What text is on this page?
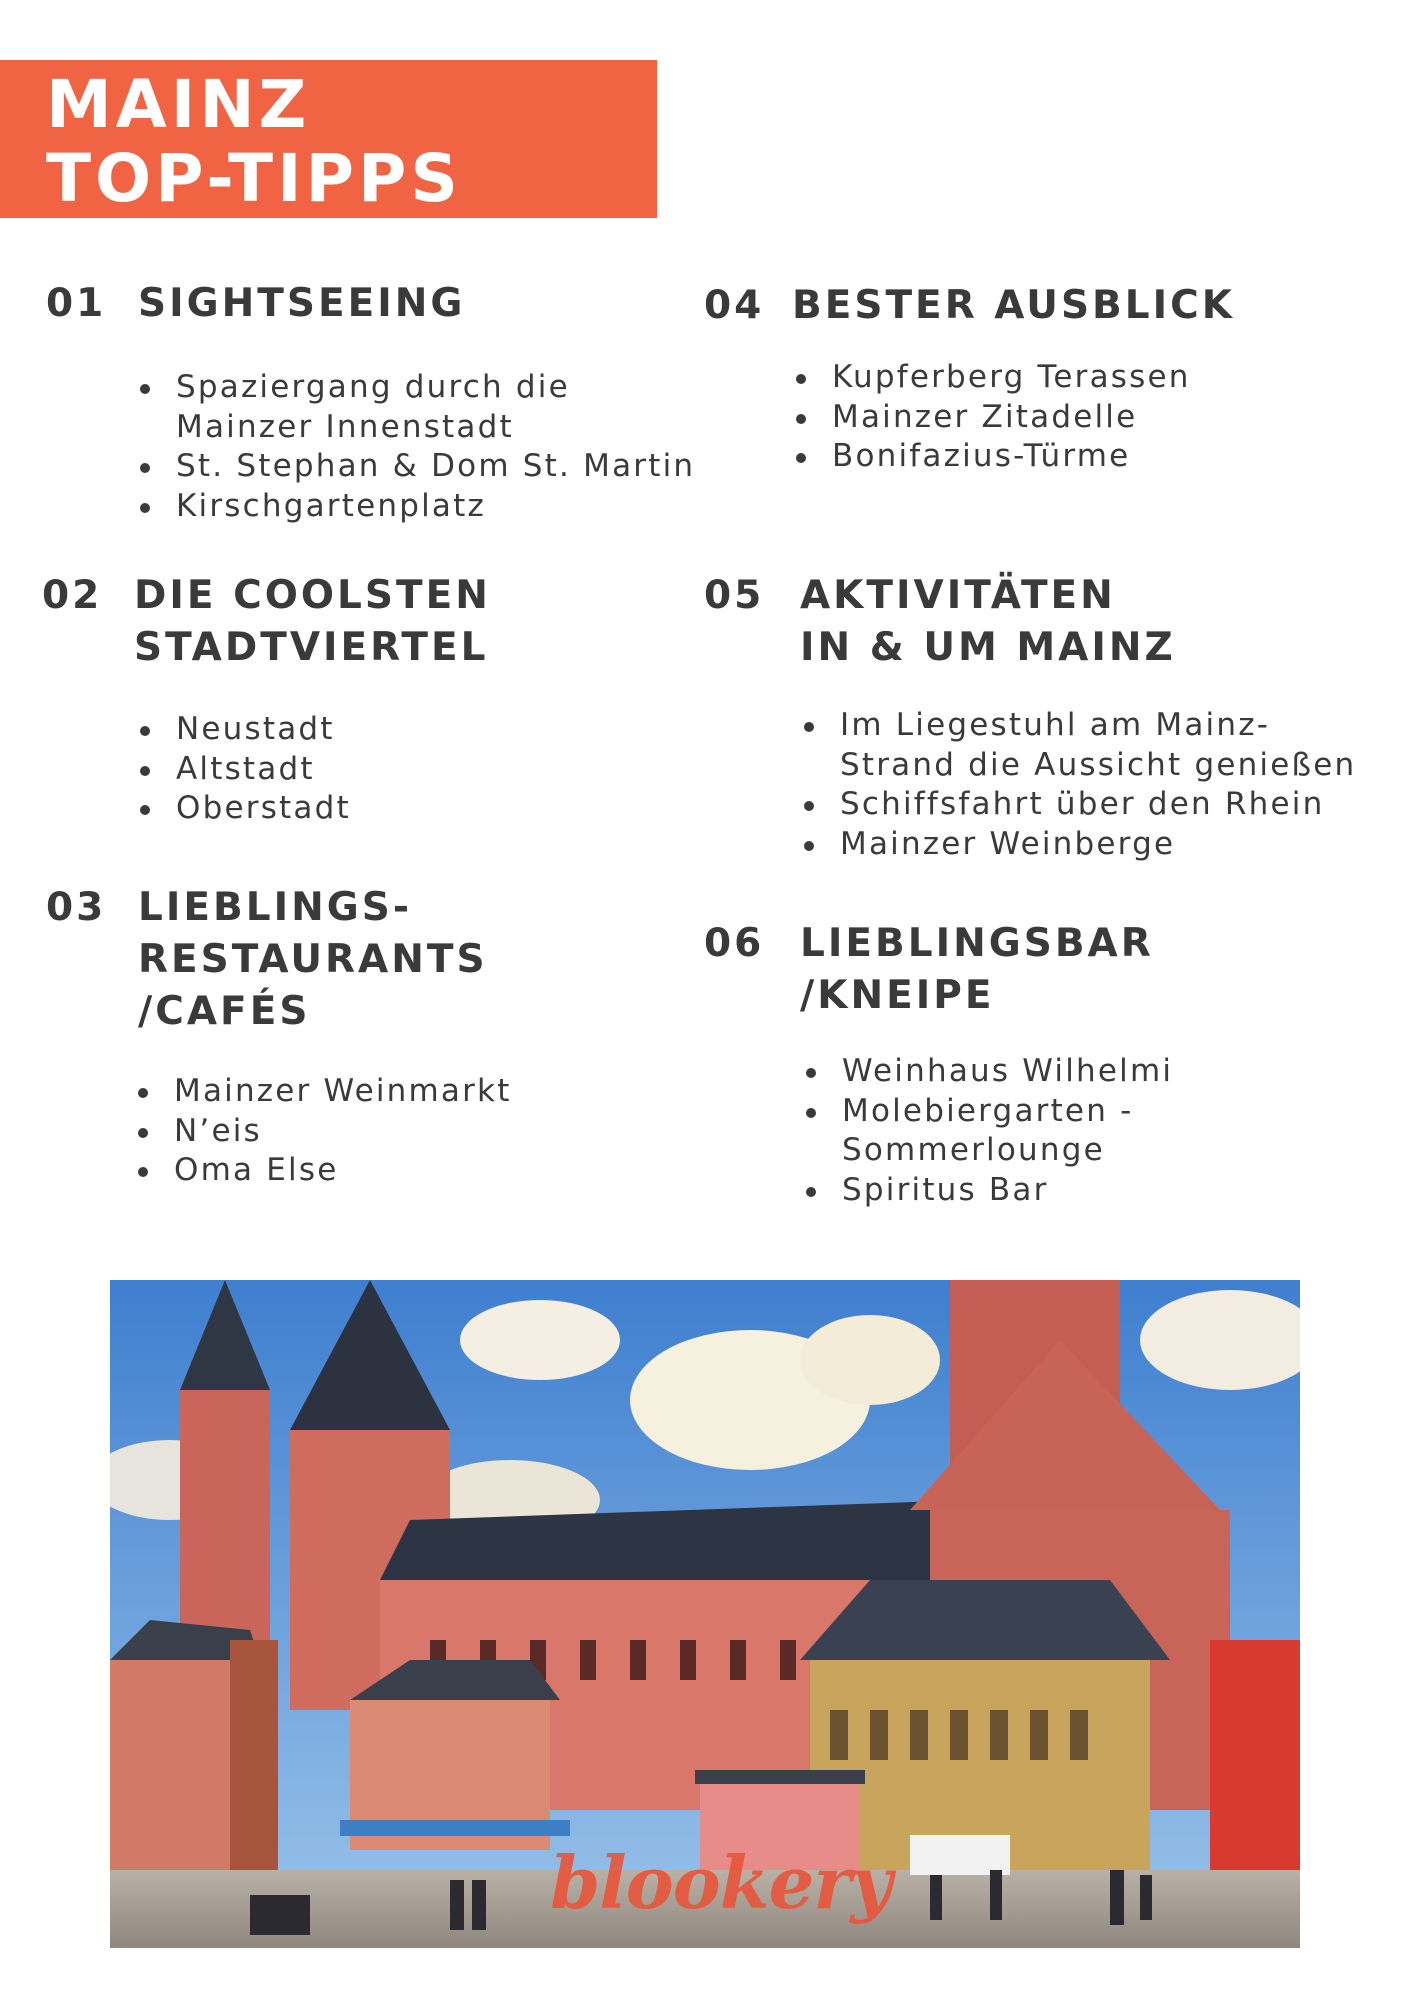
MAINZ
TOP-TIPPS
01 SIGHTSEEING
Spaziergang durch die
Mainzer Innenstadt
St. Stephan & Dom St. Martin
Kirschgartenplatz
02 DIE COOLSTEN
STADTVIERTEL
Neustadt
Altstadt
Oberstadt
03 LIEBLINGS-
RESTAURANTS
/CAFÉS
Mainzer Weinmarkt
N’eis
Oma Else
04 BESTER AUSBLICK
Kupferberg Terassen
Mainzer Zitadelle
Bonifazius-Türme
05 AKTIVITÄTEN
IN & UM MAINZ
Im Liegestuhl am Mainz-
Strand die Aussicht genießen
Schiffsfahrt über den Rhein
Mainzer Weinberge
06 LIEBLINGSBAR
/KNEIPE
Weinhaus Wilhelmi
Molebiergarten -
Sommerlounge
Spiritus Bar
blookery
